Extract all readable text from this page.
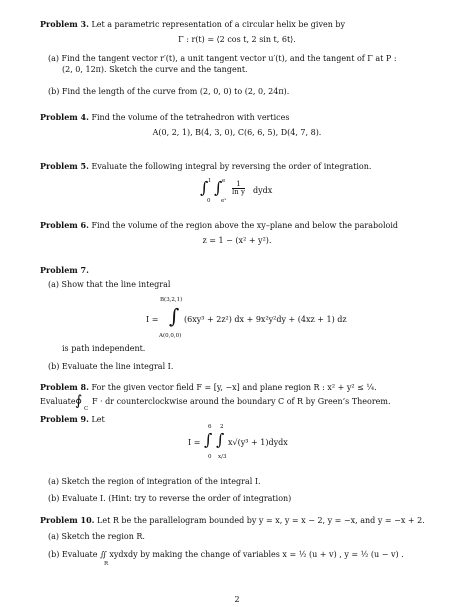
Problem 3. Let a parametric representation of a circular helix be given by
Γ : r(t) = ⟨2 cos t, 2 sin t, 6t⟩.
(a) Find the tangent vector r′(t), a unit tangent vector u′(t), and the tangent of Γ at P :
(2, 0, 12π). Sketch the curve and the tangent.
(b) Find the length of the curve from (2, 0, 0) to (2, 0, 24π).
Problem 4. Find the volume of the tetrahedron with vertices
A(0, 2, 1), B(4, 3, 0), C(6, 6, 5), D(4, 7, 8).
Problem 5. Evaluate the following integral by reversing the order of integration.
∫ 1
0
∫ e
eˣ
$\frac{1}{\text{ln y}}$ dydx
Problem 6. Find the volume of the region above the xy–plane and below the paraboloid
z = 1 − (x² + y²).
Problem 7.
(a) Show that the line integral
I =
B(3,2,1)
∫
A(0,0,0)
(6xy³ + 2z²) dx + 9x²y²dy + (4xz + 1) dz
is path independent.
(b) Evaluate the line integral I.
Problem 8. For the given vector field F = [y, −x] and plane region R : x² + y² ≤ ¼.
Evaluate ∮ C
F · dr counterclockwise around the boundary C of R by Green’s Theorem.
Problem 9. Let
I =
6
∫
0
2
∫
x/3
x√(y³ + 1)dydx
(a) Sketch the region of integration of the integral I.
(b) Evaluate I. (Hint: try to reverse the order of integration)
Problem 10. Let R be the parallelogram bounded by y = x, y = x − 2, y = −x, and y = −x + 2.
(a) Sketch the region R.
(b) Evaluate ∬ xydxdy by making the change of variables x = ½ (u + v) , y = ½ (u − v) .
R
2
